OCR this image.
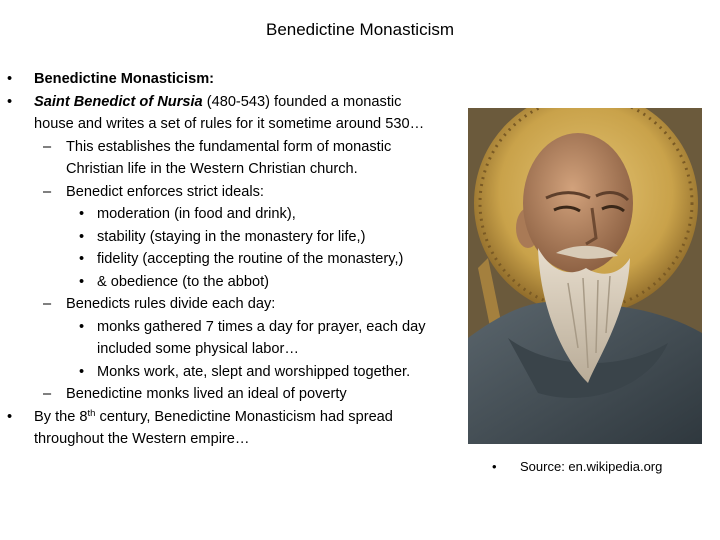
Benedictine Monasticism
• Benedictine Monasticism:
• Saint Benedict of Nursia (480-543) founded a monastic
house and writes a set of rules for it sometime around 530…
– This establishes the fundamental form of monastic
Christian life in the Western Christian church.
– Benedict enforces strict ideals:
• moderation (in food and drink),
• stability (staying in the monastery for life,)
• fidelity (accepting the routine of the monastery,)
• & obedience (to the abbot)
– Benedicts rules divide each day:
• monks gathered 7 times a day for prayer, each day
included some physical labor…
• Monks work, ate, slept and worshipped together.
– Benedictine monks lived an ideal of poverty
• By the 8th century, Benedictine Monasticism had spread
throughout the Western empire…
• Source: en.wikipedia.org
